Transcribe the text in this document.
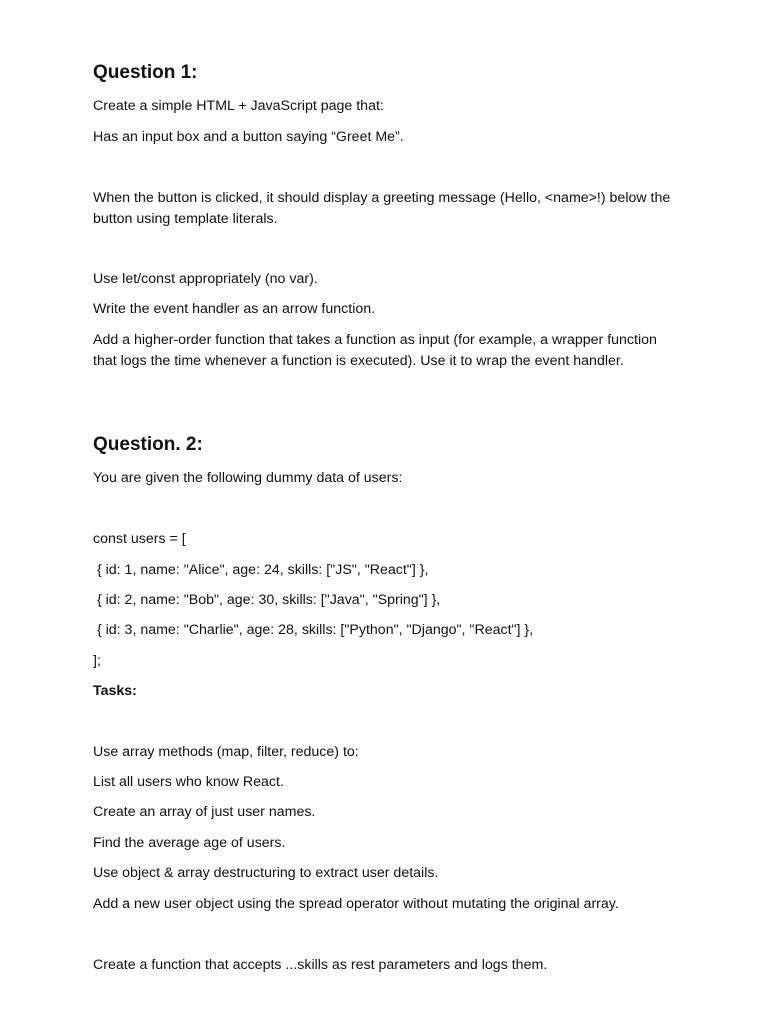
Question 1:

Create a simple HTML + JavaScript page that:

Has an input box and a button saying “Greet Me”.

When the button is clicked, it should display a greeting message (Hello, <name>!) below the button using template literals.

Use let/const appropriately (no var).

Write the event handler as an arrow function.

Add a higher-order function that takes a function as input (for example, a wrapper function that logs the time whenever a function is executed). Use it to wrap the event handler.

Question. 2:

You are given the following dummy data of users:

const users = [

{ id: 1, name: "Alice", age: 24, skills: ["JS", "React"] },

{ id: 2, name: "Bob", age: 30, skills: ["Java", "Spring"] },

{ id: 3, name: "Charlie", age: 28, skills: ["Python", "Django", "React"] },

];

Tasks:

Use array methods (map, filter, reduce) to:

List all users who know React.

Create an array of just user names.

Find the average age of users.

Use object & array destructuring to extract user details.

Add a new user object using the spread operator without mutating the original array.

Create a function that accepts ...skills as rest parameters and logs them.
